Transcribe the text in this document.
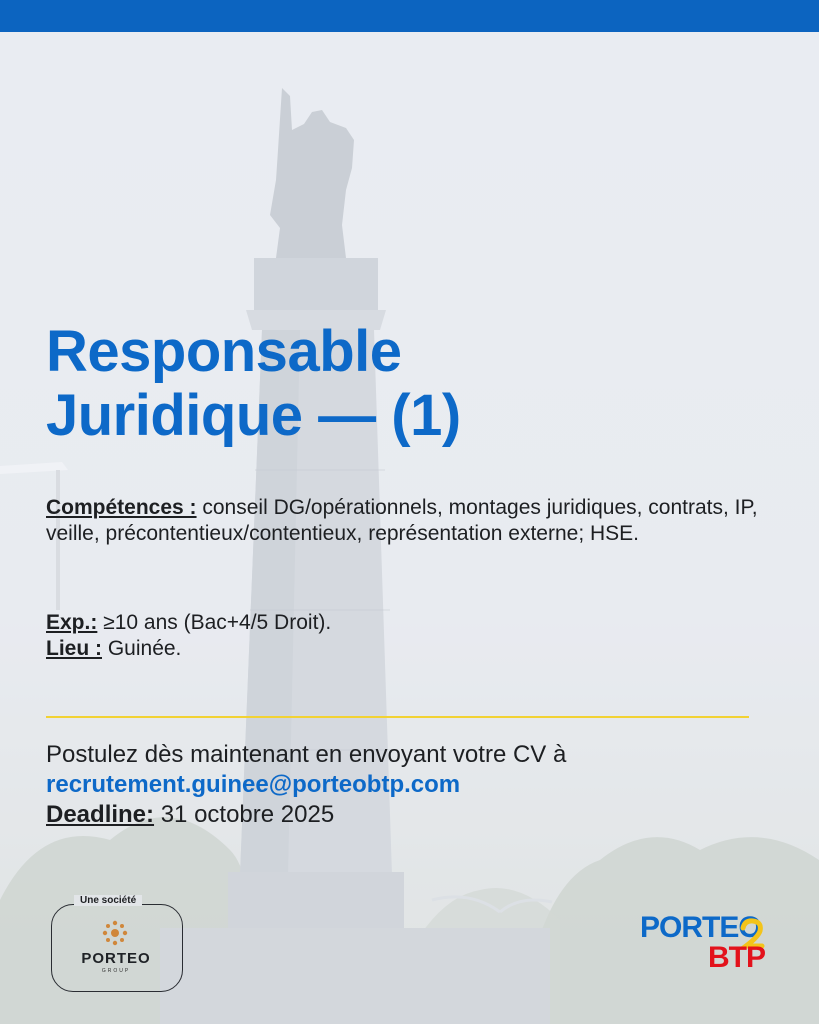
Responsable
Juridique — (1)

Compétences : conseil DG/opérationnels, montages juridiques, contrats, IP, veille, précontentieux/contentieux, représentation externe; HSE.

Exp.: ≥10 ans (Bac+4/5 Droit).

Lieu : Guinée.

Postulez dès maintenant en envoyant votre CV à

recrutement.guinee@porteobtp.com

Deadline: 31 octobre 2025

Une société
PORTEO
GROUP
PORTEO
BTP
